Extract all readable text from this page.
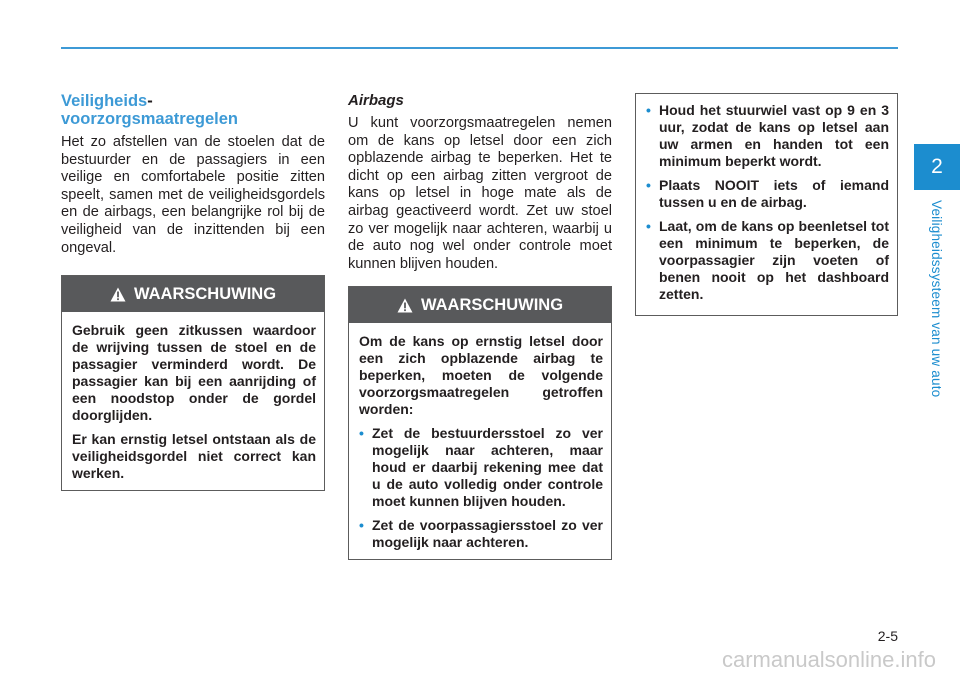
2
Veiligheidssysteem van uw auto
Veiligheids-
voorzorgsmaatregelen

Het zo afstellen van de stoelen dat de bestuurder en de passagiers in een veilige en comfortabele positie zitten speelt, samen met de veiligheidsgordels en de airbags, een belangrijke rol bij de veiligheid van de inzittenden bij een ongeval.

WAARSCHUWING

Gebruik geen zitkussen waardoor de wrijving tussen de stoel en de passagier verminderd wordt. De passagier kan bij een aanrijding of een noodstop onder de gordel doorglijden.

Er kan ernstig letsel ontstaan als de veiligheidsgordel niet correct kan werken.

Airbags

U kunt voorzorgsmaatregelen nemen om de kans op letsel door een zich opblazende airbag te beperken. Het te dicht op een airbag zitten vergroot de kans op letsel in hoge mate als de airbag geactiveerd wordt. Zet uw stoel zo ver mogelijk naar achteren, waarbij u de auto nog wel onder controle moet kunnen blijven houden.

WAARSCHUWING

Om de kans op ernstig letsel door een zich opblazende airbag te beperken, moeten de volgende voorzorgsmaatregelen getroffen worden:

• Zet de bestuurdersstoel zo ver mogelijk naar achteren, maar houd er daarbij rekening mee dat u de auto volledig onder controle moet kunnen blijven houden.
• Zet de voorpassagiersstoel zo ver mogelijk naar achteren.
• Houd het stuurwiel vast op 9 en 3 uur, zodat de kans op letsel aan uw armen en handen tot een minimum beperkt wordt.
• Plaats NOOIT iets of iemand tussen u en de airbag.
• Laat, om de kans op beenletsel tot een minimum te beperken, de voorpassagier zijn voeten of benen nooit op het dashboard zetten.
2-5
carmanualsonline.info
